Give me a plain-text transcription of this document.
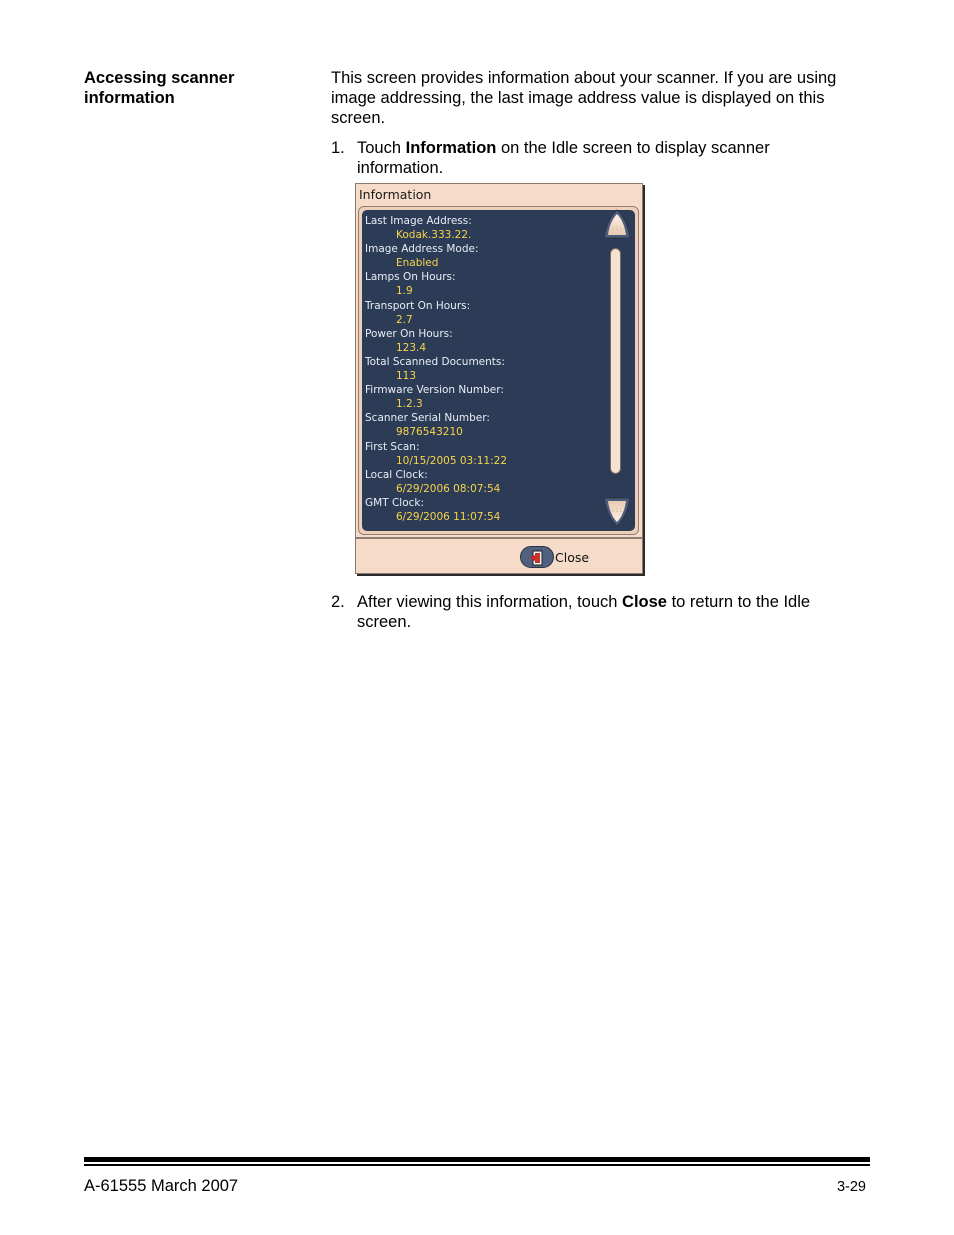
Accessing scanner information
This screen provides information about your scanner. If you are using image addressing, the last image address value is displayed on this screen.
1. Touch Information on the Idle screen to display scanner information.
Information
Last Image Address:
Kodak.333.22.
Image Address Mode:
Enabled
Lamps On Hours:
1.9
Transport On Hours:
2.7
Power On Hours:
123.4
Total Scanned Documents:
113
Firmware Version Number:
1.2.3
Scanner Serial Number:
9876543210
First Scan:
10/15/2005 03:11:22
Local Clock:
6/29/2006 08:07:54
GMT Clock:
6/29/2006 11:07:54
: : :
: : :
Close
2. After viewing this information, touch Close to return to the Idle screen.
A-61555 March 2007	3-29
